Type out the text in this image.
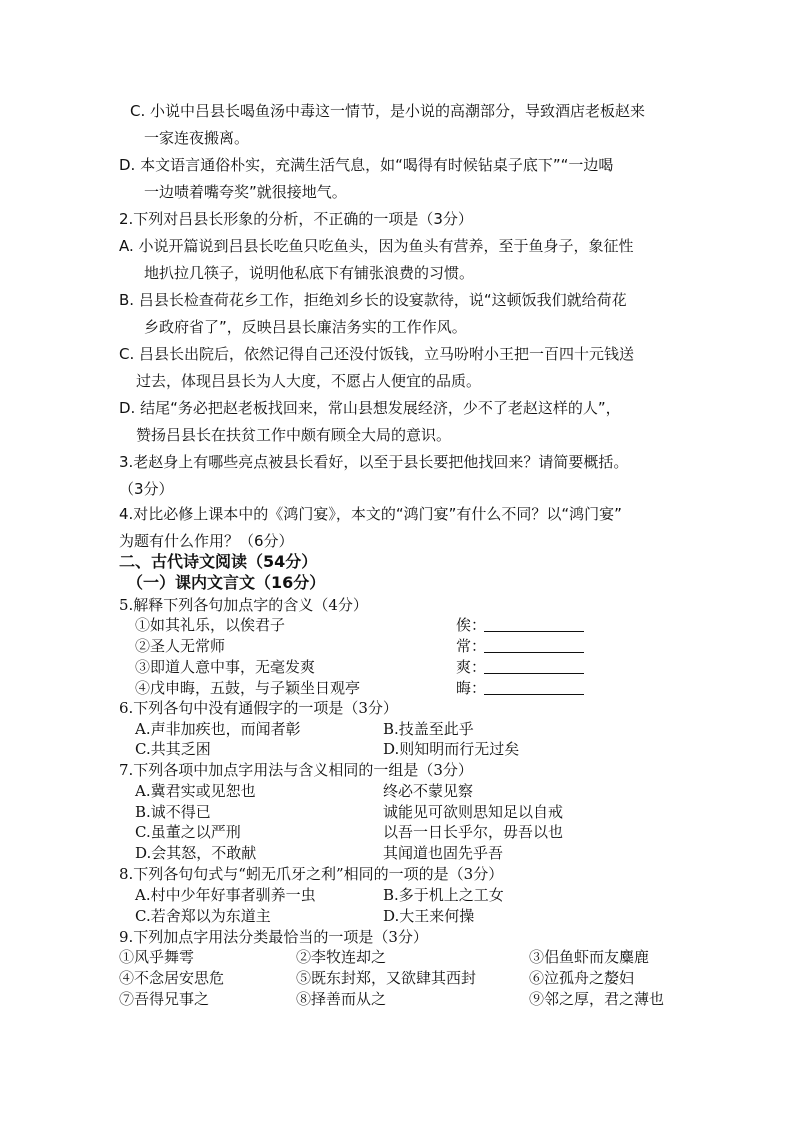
C. 小说中吕县长喝鱼汤中毒这一情节，是小说的高潮部分，导致酒店老板赵来
一家连夜搬离。
D. 本文语言通俗朴实，充满生活气息，如“喝得有时候钻桌子底下”“一边喝
一边啧着嘴夸奖”就很接地气。
2.下列对吕县长形象的分析，不正确的一项是（3分）
A. 小说开篇说到吕县长吃鱼只吃鱼头，因为鱼头有营养，至于鱼身子，象征性
地扒拉几筷子，说明他私底下有铺张浪费的习惯。
B. 吕县长检查荷花乡工作，拒绝刘乡长的设宴款待，说“这顿饭我们就给荷花
乡政府省了”，反映吕县长廉洁务实的工作作风。
C. 吕县长出院后，依然记得自己还没付饭钱，立马吩咐小王把一百四十元钱送
过去，体现吕县长为人大度，不愿占人便宜的品质。
D. 结尾“务必把赵老板找回来，常山县想发展经济，少不了老赵这样的人”，
赞扬吕县长在扶贫工作中颇有顾全大局的意识。
3.老赵身上有哪些亮点被县长看好，以至于县长要把他找回来？请简要概括。
（3分）
4.对比必修上课本中的《鸿门宴》，本文的“鸿门宴”有什么不同？以“鸿门宴”
为题有什么作用？（6分）
二、古代诗文阅读（54分）
（一）课内文言文（16分）
5.解释下列各句加点字的含义（4分）
①如其礼乐，以俟君子	俟：
②圣人无常师	常：
③即道人意中事，无毫发爽	爽：
④戊申晦，五鼓，与子颖坐日观亭	晦：
6.下列各句中没有通假字的一项是（3分）
A.声非加疾也，而闻者彰	B.技盖至此乎
C.共其乏困	D.则知明而行无过矣
7.下列各项中加点字用法与含义相同的一组是（3分）
A.冀君实或见恕也	终必不蒙见察
B.诚不得已	诚能见可欲则思知足以自戒
C.虽董之以严刑	以吾一日长乎尔，毋吾以也
D.会其怒，不敢献	其闻道也固先乎吾
8.下列各句句式与“蚓无爪牙之利”相同的一项的是（3分）
A.村中少年好事者驯养一虫	B.多于机上之工女
C.若舍郑以为东道主	D.大王来何操
9.下列加点字用法分类最恰当的一项是（3分）
①风乎舞雩	②李牧连却之	③侣鱼虾而友麋鹿
④不念居安思危	⑤既东封郑，又欲肆其西封	⑥泣孤舟之嫠妇
⑦吾得兄事之	⑧择善而从之	⑨邻之厚，君之薄也
